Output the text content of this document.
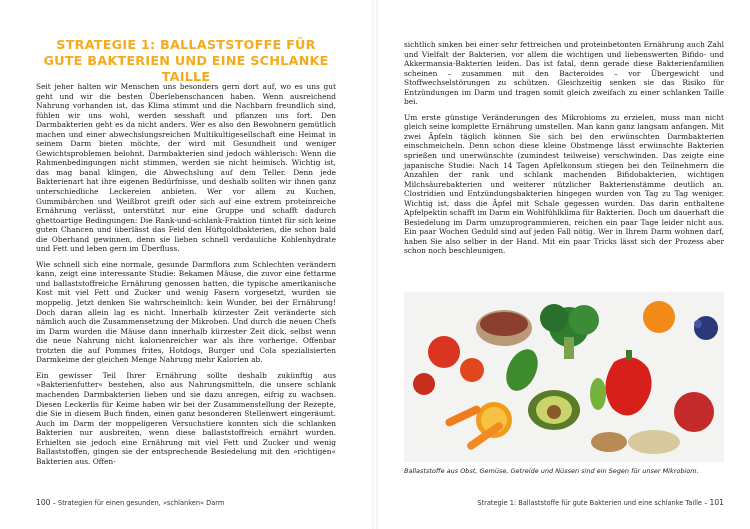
STRATEGIE 1: BALLASTSTOFFE FÜR GUTE BAKTERIEN UND EINE SCHLANKE TAILLE

Seit jeher halten wir Menschen uns besonders gern dort auf, wo es uns gut geht und wir die besten Überlebenschancen haben. Wenn ausreichend Nahrung vorhanden ist, das Klima stimmt und die Nachbarn freundlich sind, fühlen wir uns wohl, werden sesshaft und pflanzen uns fort. Den Darmbakterien geht es da nicht anders. Wer es also den Bewohnern gemütlich machen und einer abwechslungsreichen Multikultigesellschaft eine Heimat in seinem Darm bieten möchte, der wird mit Gesundheit und weniger Gewichtsproblemen belohnt. Darmbakterien sind jedoch wählerisch: Wenn die Rahmenbedingungen nicht stimmen, werden sie nicht heimisch. Wichtig ist, das mag banal klingen, die Abwechslung auf dem Teller. Denn jede Bakterienart hat ihre eigenen Bedürfnisse, und deshalb sollten wir ihnen ganz unterschiedliche Leckereien anbieten. Wer vor allem zu Kuchen, Gummibärchen und Weißbrot greift oder sich auf eine extrem proteinreiche Ernährung verlässt, unterstützt nur eine Gruppe und schafft dadurch ghettoartige Bedingungen: Die Rank-und-schlank-Fraktion tüntet für sich keine guten Chancen und überlässt das Feld den Hüftgoldbakterien, die schon bald die Oberhand gewinnen, denn sie lieben schnell verdauliche Kohlenhydrate und Fett und leben gern im Überfluss.

Wie schnell sich eine normale, gesunde Darmflora zum Schlechten verändern kann, zeigt eine interessante Studie: Bekamen Mäuse, die zuvor eine fettarme und ballaststoffreiche Ernährung genossen hatten, die typische amerikanische Kost mit viel Fett und Zucker und wenig Fasern vorgesetzt, wurden sie moppelig. Jetzt denken Sie wahrscheinlich: kein Wunder, bei der Ernährung! Doch daran allein lag es nicht. Innerhalb kürzester Zeit veränderte sich nämlich auch die Zusammensetzung der Mikroben. Und durch die neuen Chefs im Darm wurden die Mäuse dann innerhalb kürzester Zeit dick, selbst wenn die neue Nahrung nicht kalorienreicher war als ihre vorherige. Offenbar trotzten die auf Pommes frites, Hotdogs, Burger und Cola spezialisierten Darmkeime der gleichen Menge Nahrung mehr Kalorien ab.

Ein gewisser Teil Ihrer Ernährung sollte deshalb zukünftig aus »Bakterienfutter« bestehen, also aus Nahrungsmitteln, die unsere schlank machenden Darmbakterien lieben und sie dazu anregen, eifrig zu wachsen. Diesen Leckerlis für Keime haben wir bei der Zusammenstellung der Rezepte, die Sie in diesem Buch finden, einen ganz besonderen Stellenwert eingeräumt. Auch im Darm der moppeligeren Versuchstiere konnten sich die schlanken Bakterien nur ausbreiten, wenn diese ballaststoffreich ernährt wurden. Erhielten sie jedoch eine Ernährung mit viel Fett und Zucker und wenig Ballaststoffen, gingen sie der entsprechende Besiedelung mit den »richtigen« Bakterien aus. Offen-

100 – Strategien für einen gesunden, »schlanken« Darm

sichtlich sinken bei einer sehr fettreichen und proteinbetonten Ernährung auch Zahl und Vielfalt der Bakterien, vor allem die wichtigen und liebenswerten Bifido- und Akkermansia-Bakterien leiden. Das ist fatal, denn gerade diese Bakterienfamilien scheinen – zusammen mit den Bacteroides – vor Übergewicht und Stoffwechselstörungen zu schützen. Gleichzeitig senken sie das Risiko für Entzündungen im Darm und tragen somit gleich zweifach zu einer schlanken Taille bei.

Um erste günstige Veränderungen des Mikrobioms zu erzielen, muss man nicht gleich seine komplette Ernährung umstellen. Man kann ganz langsam anfangen. Mit zwei Äpfeln täglich können Sie sich bei den erwünschten Darmbakterien einschmeicheln. Denn schon diese kleine Obstmenge lässt erwünschte Bakterien sprießen und unerwünschte (zumindest teilweise) verschwinden. Das zeigte eine japanische Studie: Nach 14 Tagen Apfelkonsum stiegen bei den Teilnehmern die Anzahlen der rank und schlank machenden Bifidobakterien, wichtigen Milchsäurebakterien und weiterer nützlicher Bakterienstämme deutlich an. Clostridien und Entzündungsbakterien hingegen wurden von Tag zu Tag weniger. Wichtig ist, dass die Äpfel mit Schale gegessen wurden. Das darin enthaltene Apfelpektin schafft im Darm ein Wohlfühlklima für Bakterien. Doch um dauerhaft die Besiedelung im Darm umzuprogrammieren, reichen ein paar Tage leider nicht aus. Ein paar Wochen Geduld sind auf jeden Fall nötig. Wer in Ihrem Darm wohnen darf, haben Sie also selber in der Hand. Mit ein paar Tricks lässt sich der Prozess aber schon noch beschleunigen.

Ballaststoffe aus Obst, Gemüse, Getreide und Nüssen sind ein Segen für unser Mikrobiom.
Strategie 1: Ballaststoffe für gute Bakterien und eine schlanke Taille – 101
